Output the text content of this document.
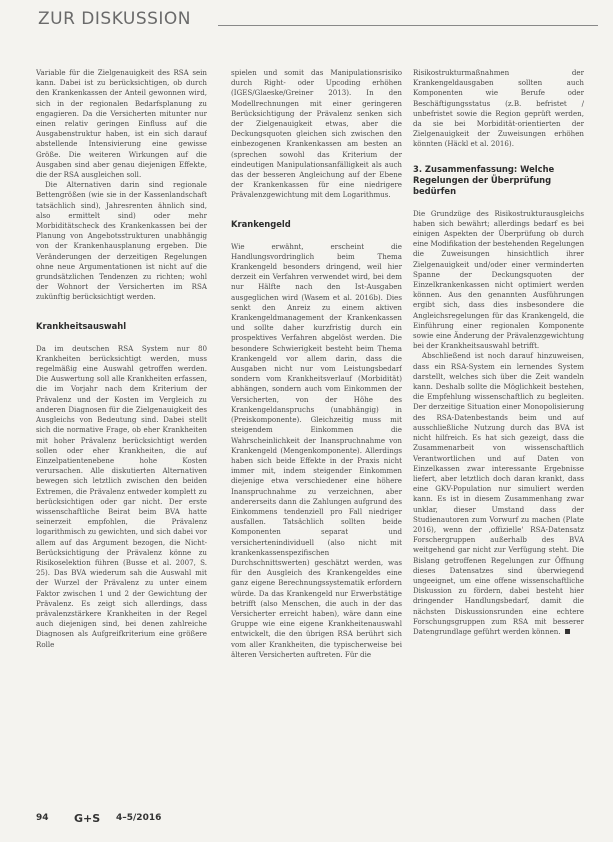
ZUR DISKUSSION

Variable für die Zielgenauigkeit des RSA sein kann. Dabei ist zu berücksichtigen, ob durch den Krankenkassen der Anteil gewonnen wird, sich in der regionalen Bedarfsplanung zu engagieren. Da die Versicherten mitunter nur einen relativ geringen Einfluss auf die Ausgabenstruktur haben, ist ein sich darauf abstellende Intensivierung eine gewisse Größe. Die weiteren Wirkungen auf die Ausgaben sind aber genau diejenigen Effekte, die der RSA ausgleichen soll.

Die Alternativen darin sind regionale Bettengrößen (wie sie in der Kassenlandschaft tatsächlich sind), Jahresrenten ähnlich sind, also ermittelt sind) oder mehr Morbiditätscheck des Krankenkassen bei der Planung von Angebotsstrukturen unabhängig von der Krankenhausplanung ergeben. Die Veränderungen der derzeitigen Regelungen ohne neue Argumentationen ist nicht auf die grundsätzlichen Tendenzen zu richten; wohl der Wohnort der Versicherten im RSA zukünftig berücksichtigt werden.

Krankheitsauswahl

Da im deutschen RSA System nur 80 Krankheiten berücksichtigt werden, muss regelmäßig eine Auswahl getroffen werden. Die Auswertung soll alle Krankheiten erfassen, die im Vorjahr nach dem Kriterium der Prävalenz und der Kosten im Vergleich zu anderen Diagnosen für die Zielgenauigkeit des Ausgleichs von Bedeutung sind. Dabei stellt sich die normative Frage, ob eher Krankheiten mit hoher Prävalenz berücksichtigt werden sollen oder eher Krankheiten, die auf Einzelpatientenebene hohe Kosten verursachen. Alle diskutierten Alternativen bewegen sich letztlich zwischen den beiden Extremen, die Prävalenz entweder komplett zu berücksichtigen oder gar nicht. Der erste wissenschaftliche Beirat beim BVA hatte seinerzeit empfohlen, die Prävalenz logarithmisch zu gewichten, und sich dabei vor allem auf das Argument bezogen, die Nicht-Berücksichtigung der Prävalenz könne zu Risikoselektion führen (Busse et al. 2007, S. 25). Das BVA wiederum sah die Auswahl mit der Wurzel der Prävalenz zu unter einem Faktor zwischen 1 und 2 der Gewichtung der Prävalenz. Es zeigt sich allerdings, dass prävalenzstärkere Krankheiten in der Regel auch diejenigen sind, bei denen zahlreiche Diagnosen als Aufgreifkriterium eine größere Rolle

spielen und somit das Manipulationsrisiko durch Right- oder Upcoding erhöhen (IGES/Glaeske/Greiner 2013). In den Modellrechnungen mit einer geringeren Berücksichtigung der Prävalenz senken sich der Zielgenauigkeit etwas, aber die Deckungsquoten gleichen sich zwischen den einbezogenen Krankenkassen am besten an (sprechen sowohl das Kriterium der eindeutigen Manipulationsanfälligkeit als auch das der besseren Angleichung auf der Ebene der Krankenkassen für eine niedrigere Prävalenzgewichtung mit dem Logarithmus.

Krankengeld

Wie erwähnt, erscheint die Handlungsvordringlich beim Thema Krankengeld besonders dringend, weil hier derzeit ein Verfahren verwendet wird, bei dem nur Hälfte nach den Ist-Ausgaben ausgeglichen wird (Wasem et al. 2016b). Dies senkt den Anreiz zu einem aktiven Krankengeldmanagement der Krankenkassen und sollte daher kurzfristig durch ein prospektives Verfahren abgelöst werden. Die besondere Schwierigkeit besteht beim Thema Krankengeld vor allem darin, dass die Ausgaben nicht nur vom Leistungsbedarf sondern vom Krankheitsverlauf (Morbidität) abhängen, sondern auch vom Einkommen der Versicherten, von der Höhe des Krankengeldanspruchs (unabhängig) in (Preiskomponente). Gleichzeitig muss mit steigendem Einkommen die Wahrscheinlichkeit der Inanspruchnahme von Krankengeld (Mengenkomponente). Allerdings haben sich beide Effekte in der Praxis nicht immer mit, indem steigender Einkommen diejenige etwa verschiedener eine höhere Inanspruchnahme zu verzeichnen, aber andererseits dann die Zahlungen aufgrund des Einkommens tendenziell pro Fall niedriger ausfallen. Tatsächlich sollten beide Komponenten separat und versichertenindividuell (also nicht mit krankenkassenspezifischen Durchschnittswerten) geschätzt werden, was für den Ausgleich des Krankengeldes eine ganz eigene Berechnungssystematik erfordern würde. Da das Krankengeld nur Erwerbstätige betrifft (also Menschen, die auch in der das Versicherter erreicht haben), wäre dann eine Gruppe wie eine eigene Krankheitenauswahl entwickelt, die den übrigen RSA berührt sich vom aller Krankheiten, die typischerweise bei älteren Versicherten auftreten. Für die

Risikostrukturmaßnahmen der Krankengeldausgaben sollten auch Komponenten wie Berufe oder Beschäftigungsstatus (z.B. befristet / unbefristet sowie die Region geprüft werden, da sie bei Morbidität-orientierten der Zielgenauigkeit der Zuweisungen erhöhen könnten (Häckl et al. 2016).

3. Zusammenfassung: Welche Regelungen der Überprüfung bedürfen

Die Grundzüge des Risikostrukturausgleichs haben sich bewährt; allerdings bedarf es bei einigen Aspekten der Überprüfung ob durch eine Modifikation der bestehenden Regelungen die Zuweisungen hinsichtlich ihrer Zielgenauigkeit und/oder einer verminderten Spanne der Deckungsquoten der Einzelkrankenkassen nicht optimiert werden können. Aus den genannten Ausführungen ergibt sich, dass dies insbesondere die Angleichsregelungen für das Krankengeld, die Einführung einer regionalen Komponente sowie eine Änderung der Prävalenzgewichtung bei der Krankheitsauswahl betrifft.

Abschließend ist noch darauf hinzuweisen, dass ein RSA-System ein lernendes System darstellt, welches sich über die Zeit wandeln kann. Deshalb sollte die Möglichkeit bestehen, die Empfehlung wissenschaftlich zu begleiten. Der derzeitige Situation einer Monopolisierung des RSA-Datenbestands beim und auf ausschließliche Nutzung durch das BVA ist nicht hilfreich. Es hat sich gezeigt, dass die Zusammenarbeit von wissenschaftlich Verantwortlichen und auf Daten von Einzelkassen zwar interessante Ergebnisse liefert, aber letztlich doch daran krankt, dass eine GKV-Population nur simuliert werden kann. Es ist in diesem Zusammenhang zwar unklar, dieser Umstand dass der Studienautoren zum Vorwurf zu machen (Plate 2016), wenn der ‚offizielle' RSA-Datensatz Forschergruppen außerhalb des BVA weitgehend gar nicht zur Verfügung steht. Die Bislang getroffenen Regelungen zur Öffnung dieses Datensatzes sind überwiegend ungeeignet, um eine offene wissenschaftliche Diskussion zu fördern, dabei besteht hier dringender Handlungsbedarf, damit die nächsten Diskussionsrunden eine echtere Forschungsgruppen zum RSA mit besserer Datengrundlage geführt werden können.

94 G+S 4–5/2016
